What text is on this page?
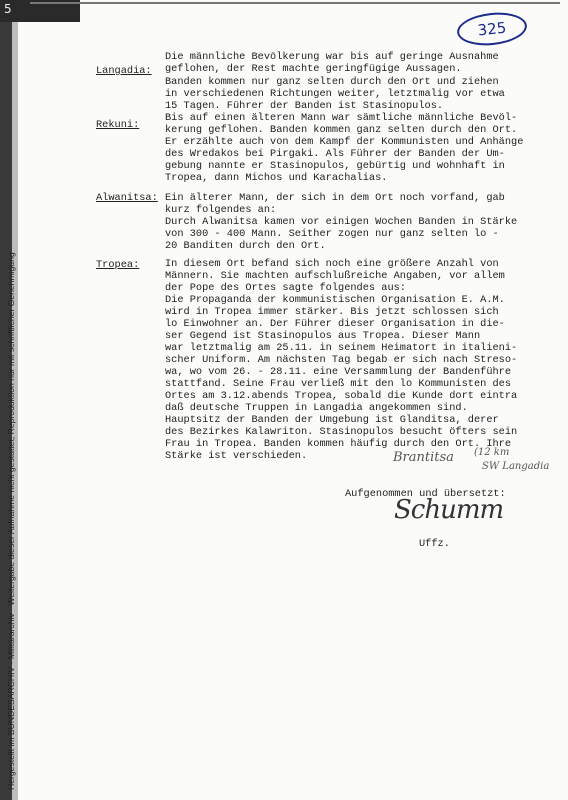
5
Hergestellt im BUNDESARCHIV - Militärarchiv · Weitergabe dieser Aufnahme nicht gestattet; Reproduktion nur mit schriftlicher Genehmigung
325
Langadia:
Die männliche Bevölkerung war bis auf geringe Ausnahme
geflohen, der Rest machte geringfügige Aussagen.
Banden kommen nur ganz selten durch den Ort und ziehen
in verschiedenen Richtungen weiter, letztmalig vor etwa
15 Tagen. Führer der Banden ist Stasinopulos.
Rekuni:
Bis auf einen älteren Mann war sämtliche männliche Bevöl-
kerung geflohen. Banden kommen ganz selten durch den Ort.
Er erzählte auch von dem Kampf der Kommunisten und Anhänge
des Wredakos bei Pirgaki. Als Führer der Banden der Um-
gebung nannte er Stasinopulos, gebürtig und wohnhaft in
Tropea, dann Michos und Karachalias.
Alwanitsa: Ein älterer Mann, der sich in dem Ort noch vorfand, gab
kurz folgendes an:
Durch Alwanitsa kamen vor einigen Wochen Banden in Stärke
von 300 - 400 Mann. Seither zogen nur ganz selten lo -
20 Banditen durch den Ort.
Tropea: In diesem Ort befand sich noch eine größere Anzahl von
Männern. Sie machten aufschlußreiche Angaben, vor allem
der Pope des Ortes sagte folgendes aus:
Die Propaganda der kommunistischen Organisation E. A.M.
wird in Tropea immer stärker. Bis jetzt schlossen sich
lo Einwohner an. Der Führer dieser Organisation in die-
ser Gegend ist Stasinopulos aus Tropea. Dieser Mann
war letztmalig am 25.11. in seinem Heimatort in italieni-
scher Uniform. Am nächsten Tag begab er sich nach Streso-
wa, wo vom 26. - 28.11. eine Versammlung der Bandenführe
stattfand. Seine Frau verließ mit den lo Kommunisten des
Ortes am 3.12.abends Tropea, sobald die Kunde dort eintra
daß deutsche Truppen in Langadia angekommen sind.
Hauptsitz der Banden der Umgebung ist Glanditsa, derer
des Bezirkes Kalawriton. Stasinopulos besucht öfters sein
Frau in Tropea. Banden kommen häufig durch den Ort. Ihre
Stärke ist verschieden.	Brantitsa (12 km
SW Langadia
Aufgenommen und übersetzt:
Schumm
Uffz.
